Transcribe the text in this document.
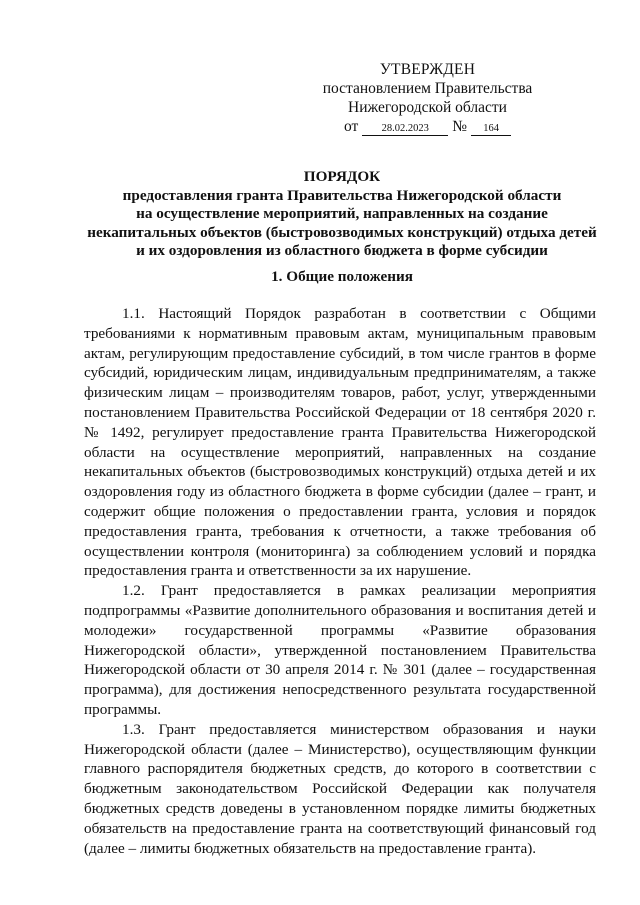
УТВЕРЖДЕН
постановлением Правительства
Нижегородской области
от	28.02.2023	№	164
ПОРЯДОК
предоставления гранта Правительства Нижегородской области
на осуществление мероприятий, направленных на создание
некапитальных объектов (быстровозводимых конструкций) отдыха детей
и их оздоровления из областного бюджета в форме субсидии
1. Общие положения

1.1. Настоящий Порядок разработан в соответствии с Общими требованиями к нормативным правовым актам, муниципальным правовым актам, регулирующим предоставление субсидий, в том числе грантов в форме субсидий, юридическим лицам, индивидуальным предпринимателям, а также физическим лицам – производителям товаров, работ, услуг, утвержденными постановлением Правительства Российской Федерации от 18 сентября 2020 г. № 1492, регулирует предоставление гранта Правительства Нижегородской области на осуществление мероприятий, направленных на создание некапитальных объектов (быстровозводимых конструкций) отдыха детей и их оздоровления году из областного бюджета в форме субсидии (далее – грант, и содержит общие положения о предоставлении гранта, условия и порядок предоставления гранта, требования к отчетности, а также требования об осуществлении контроля (мониторинга) за соблюдением условий и порядка предоставления гранта и ответственности за их нарушение.

1.2. Грант предоставляется в рамках реализации мероприятия подпрограммы «Развитие дополнительного образования и воспитания детей и молодежи» государственной программы «Развитие образования Нижегородской области», утвержденной постановлением Правительства Нижегородской области от 30 апреля 2014 г. № 301 (далее – государственная программа), для достижения непосредственного результата государственной программы.

1.3. Грант предоставляется министерством образования и науки Нижегородской области (далее – Министерство), осуществляющим функции главного распорядителя бюджетных средств, до которого в соответствии с бюджетным законодательством Российской Федерации как получателя бюджетных средств доведены в установленном порядке лимиты бюджетных обязательств на предоставление гранта на соответствующий финансовый год (далее – лимиты бюджетных обязательств на предоставление гранта).
